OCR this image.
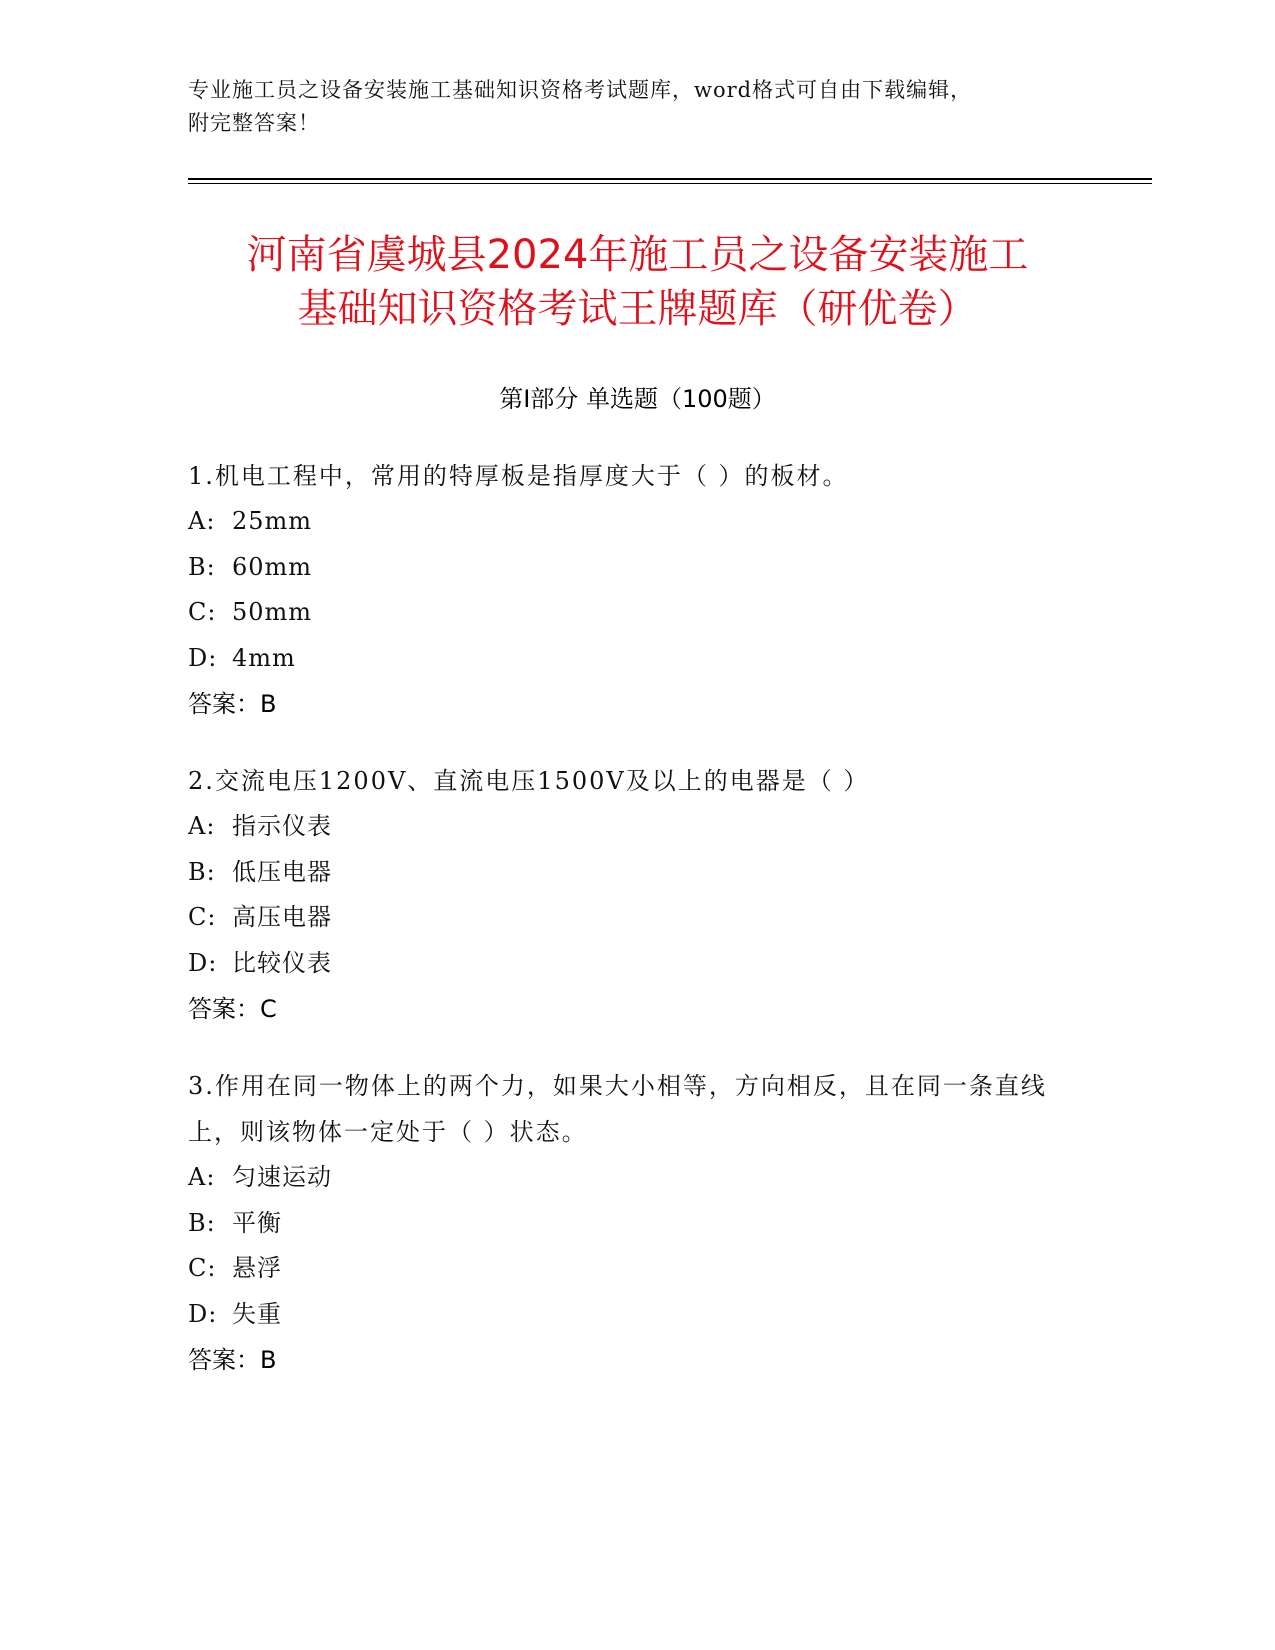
专业施工员之设备安装施工基础知识资格考试题库，word格式可自由下载编辑，
附完整答案！
河南省虞城县2024年施工员之设备安装施工
基础知识资格考试王牌题库（研优卷）
第Ⅰ部分 单选题（100题）

1.机电工程中，常用的特厚板是指厚度大于（ ）的板材。

A: 25mm

B: 60mm

C: 50mm

D: 4mm

答案：B

2.交流电压1200V、直流电压1500V及以上的电器是（ ）

A: 指示仪表

B: 低压电器

C: 高压电器

D: 比较仪表

答案：C

3.作用在同一物体上的两个力，如果大小相等，方向相反，且在同一条直线上，则该物体一定处于（ ）状态。

A: 匀速运动

B: 平衡

C: 悬浮

D: 失重

答案：B
